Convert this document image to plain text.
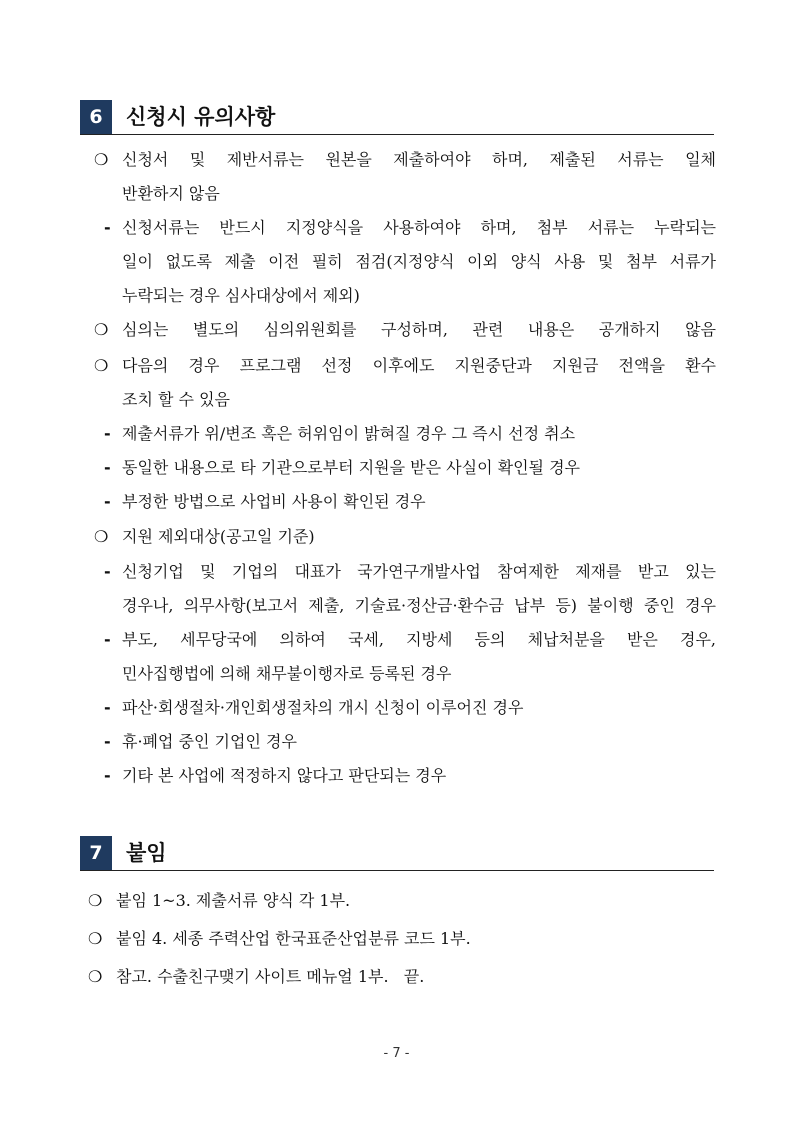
6	신청시 유의사항
❍ 신청서 및 제반서류는 원본을 제출하여야 하며, 제출된 서류는 일체
반환하지 않음
- 신청서류는 반드시 지정양식을 사용하여야 하며, 첨부 서류는 누락되는
일이 없도록 제출 이전 필히 점검(지정양식 이외 양식 사용 및 첨부 서류가
누락되는 경우 심사대상에서 제외)
❍ 심의는 별도의 심의위원회를 구성하며, 관련 내용은 공개하지 않음
❍ 다음의 경우 프로그램 선정 이후에도 지원중단과 지원금 전액을 환수
조치 할 수 있음
- 제출서류가 위/변조 혹은 허위임이 밝혀질 경우 그 즉시 선정 취소
- 동일한 내용으로 타 기관으로부터 지원을 받은 사실이 확인될 경우
- 부정한 방법으로 사업비 사용이 확인된 경우
❍ 지원 제외대상(공고일 기준)
- 신청기업 및 기업의 대표가 국가연구개발사업 참여제한 제재를 받고 있는
경우나, 의무사항(보고서 제출, 기술료·정산금·환수금 납부 등) 불이행 중인 경우
- 부도, 세무당국에 의하여 국세, 지방세 등의 체납처분을 받은 경우,
민사집행법에 의해 채무불이행자로 등록된 경우
- 파산·회생절차·개인회생절차의 개시 신청이 이루어진 경우
- 휴·폐업 중인 기업인 경우
- 기타 본 사업에 적정하지 않다고 판단되는 경우
7	붙임
❍ 붙임 1~3. 제출서류 양식 각 1부.
❍ 붙임 4. 세종 주력산업 한국표준산업분류 코드 1부.
❍ 참고. 수출친구맺기 사이트 메뉴얼 1부.   끝.
- 7 -
